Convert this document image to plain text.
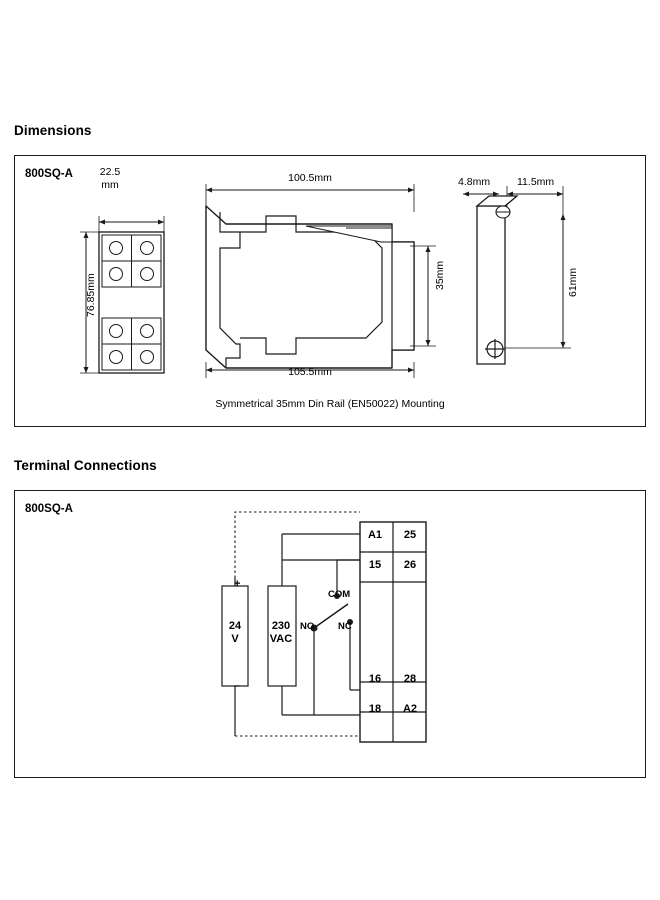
Dimensions
800SQ-A	22.5
mm
76.85mm
100.5mm
105.5mm
35mm
4.8mm	11.5mm
61mm
Symmetrical 35mm Din Rail (EN50022) Mounting
Terminal Connections
800SQ-A
A1	25
15	26
16	28
18	A2
COM
NO	NC
+
–
24
V
230
VAC
